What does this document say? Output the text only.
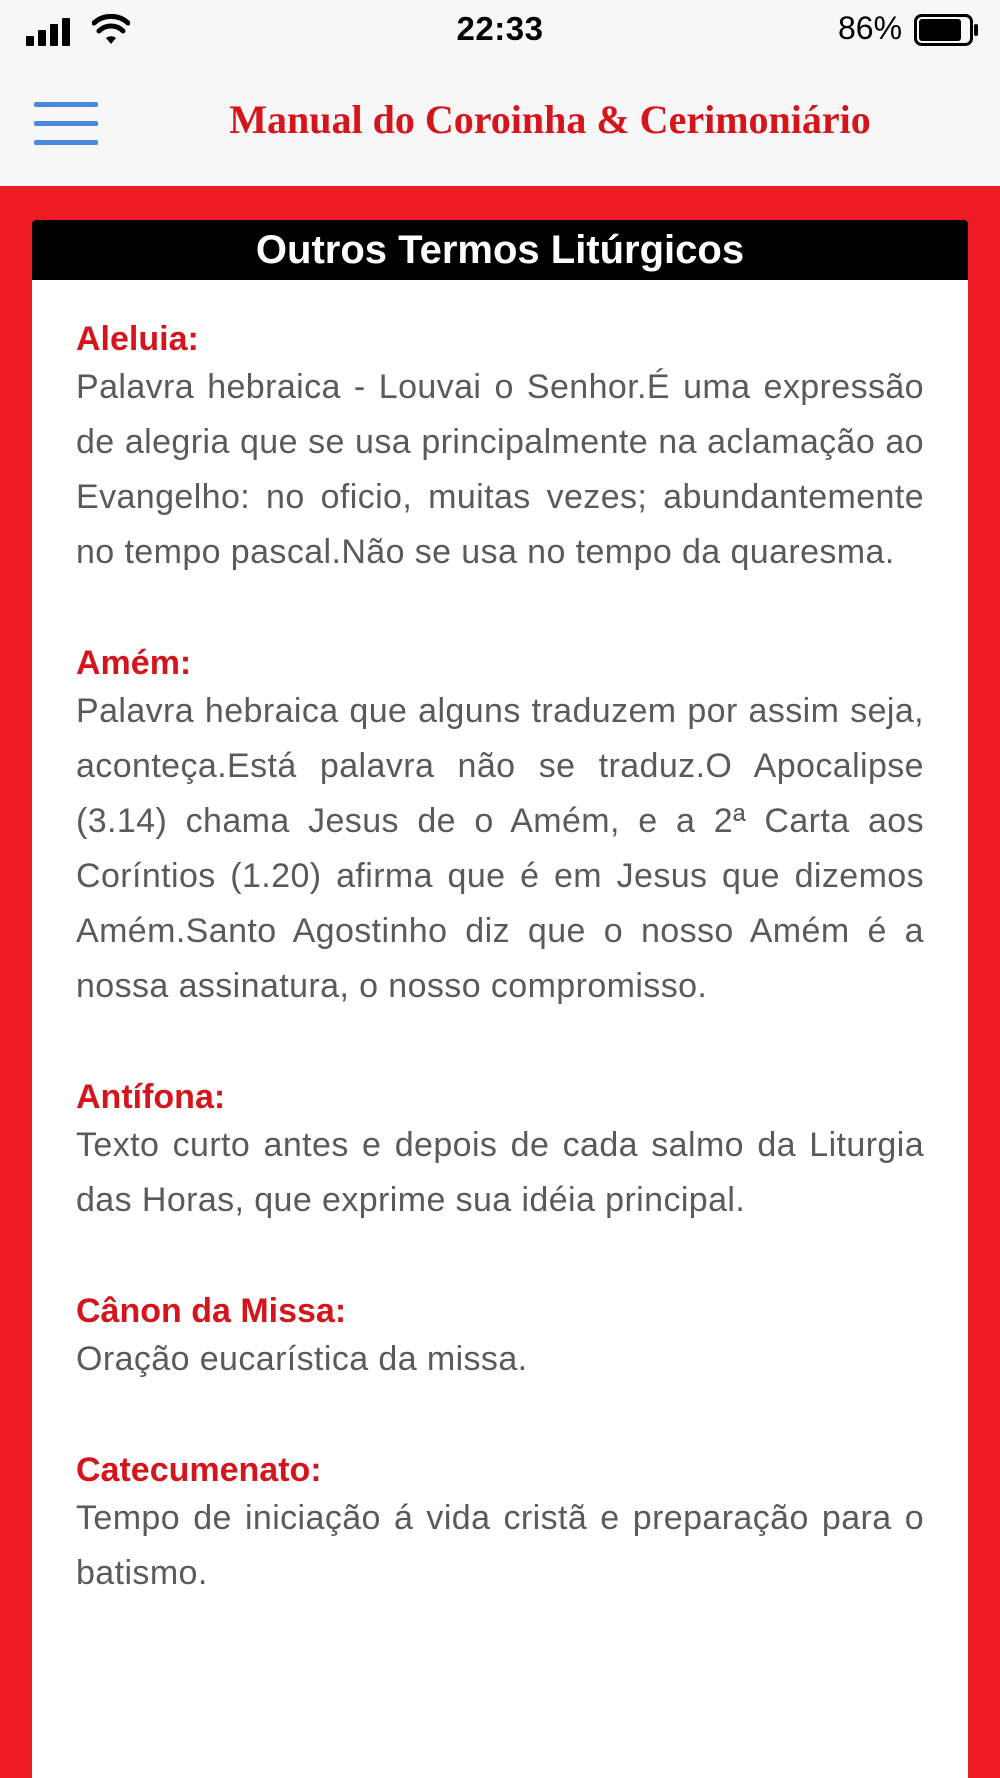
22:33	86%
Manual do Coroinha & Cerimoniário
Outros Termos Litúrgicos
Aleluia:
Palavra hebraica - Louvai o Senhor.É uma expressão de alegria que se usa principalmente na aclamação ao Evangelho: no oficio, muitas vezes; abundantemente no tempo pascal.Não se usa no tempo da quaresma.
Amém:
Palavra hebraica que alguns traduzem por assim seja, aconteça.Está palavra não se traduz.O Apocalipse (3.14) chama Jesus de o Amém, e a 2ª Carta aos Coríntios (1.20) afirma que é em Jesus que dizemos Amém.Santo Agostinho diz que o nosso Amém é a nossa assinatura, o nosso compromisso.
Antífona:
Texto curto antes e depois de cada salmo da Liturgia das Horas, que exprime sua idéia principal.
Cânon da Missa:
Oração eucarística da missa.
Catecumenato:
Tempo de iniciação á vida cristã e preparação para o batismo.
